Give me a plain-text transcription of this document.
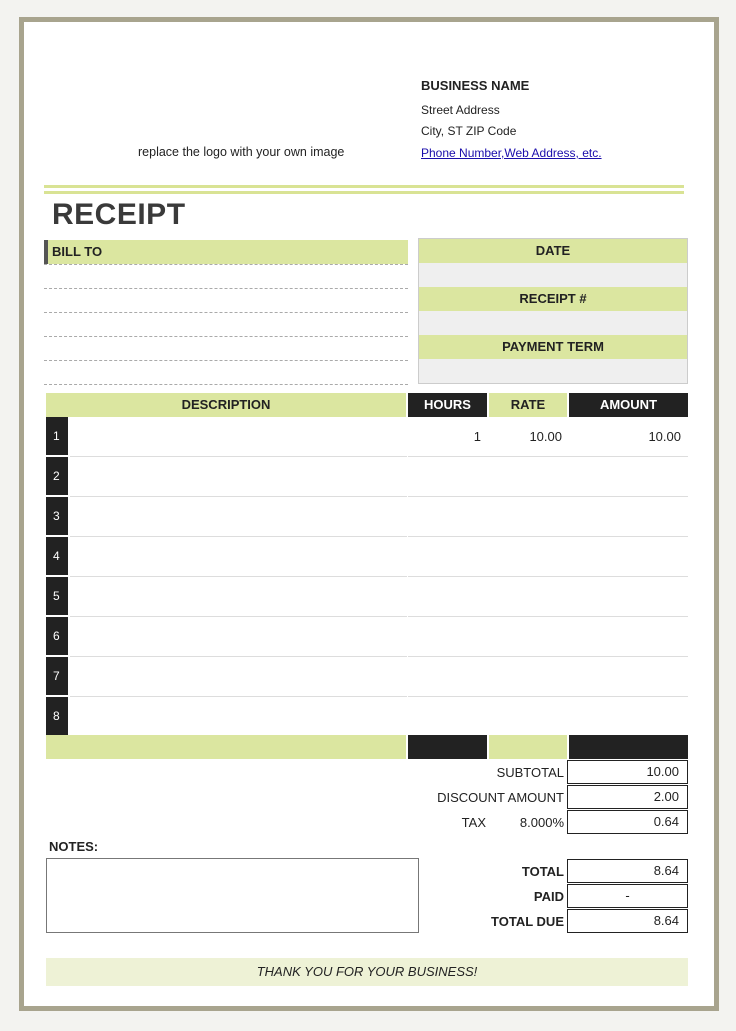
replace the logo with your own image
BUSINESS NAME
Street Address
City, ST ZIP Code
Phone Number,Web Address, etc.
RECEIPT
BILL TO	DATE
RECEIPT #
PAYMENT TERM
DESCRIPTION	HOURS	RATE	AMOUNT
1	1	10.00	10.00
2
3
4
5
6
7
8
SUBTOTAL	10.00
DISCOUNT AMOUNT	2.00
TAX	8.000%	0.64
TOTAL	8.64
PAID	-
TOTAL DUE	8.64
NOTES:
THANK YOU FOR YOUR BUSINESS!
